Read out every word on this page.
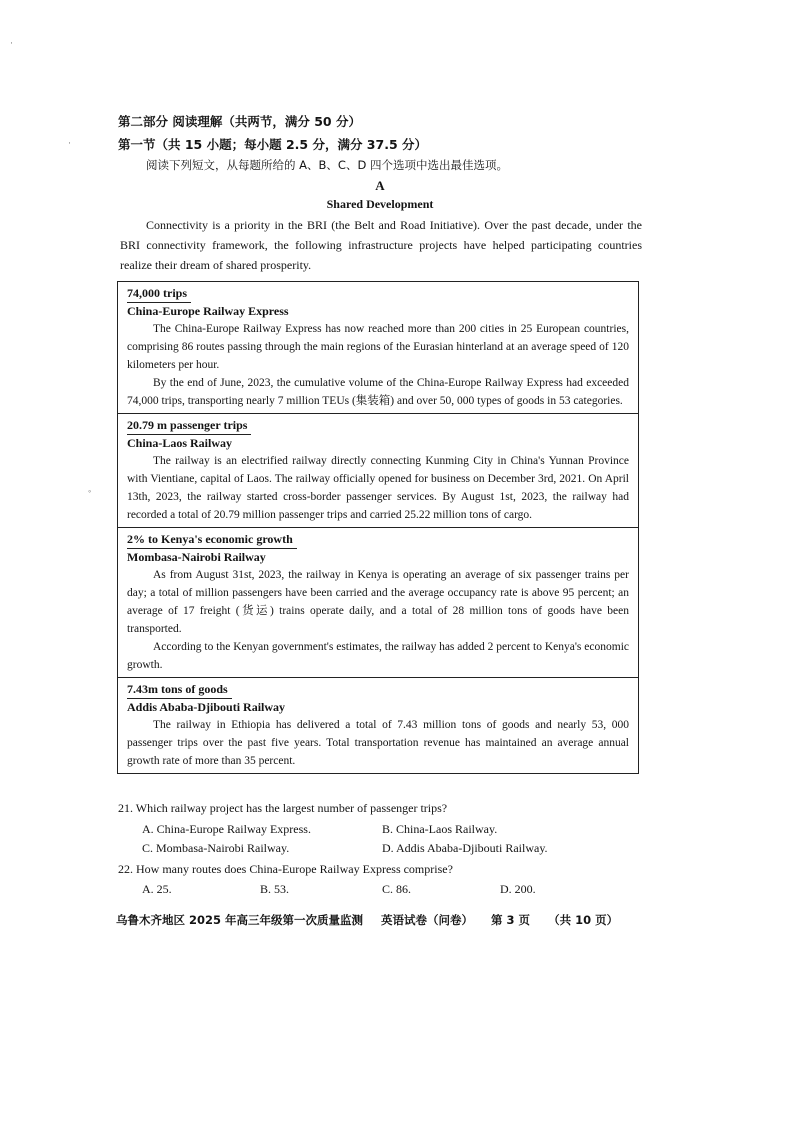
·
·
◦
第二部分 阅读理解（共两节，满分 50 分）
第一节（共 15 小题；每小题 2.5 分，满分 37.5 分）
阅读下列短文，从每题所给的 A、B、C、D 四个选项中选出最佳选项。
A
Shared Development

Connectivity is a priority in the BRI (the Belt and Road Initiative). Over the past decade, under the BRI connectivity framework, the following infrastructure projects have helped participating countries realize their dream of shared prosperity.

74,000 trips
China-Europe Railway Express

The China-Europe Railway Express has now reached more than 200 cities in 25 European countries, comprising 86 routes passing through the main regions of the Eurasian hinterland at an average speed of 120 kilometers per hour.

By the end of June, 2023, the cumulative volume of the China-Europe Railway Express had exceeded 74,000 trips, transporting nearly 7 million TEUs (集装箱) and over 50, 000 types of goods in 53 categories.

20.79 m passenger trips
China-Laos Railway

The railway is an electrified railway directly connecting Kunming City in China's Yunnan Province with Vientiane, capital of Laos. The railway officially opened for business on December 3rd, 2021. On April 13th, 2023, the railway started cross-border passenger services. By August 1st, 2023, the railway had recorded a total of 20.79 million passenger trips and carried 25.22 million tons of cargo.

2% to Kenya's economic growth
Mombasa-Nairobi Railway

As from August 31st, 2023, the railway in Kenya is operating an average of six passenger trains per day; a total of million passengers have been carried and the average occupancy rate is above 95 percent; an average of 17 freight (货运) trains operate daily, and a total of 28 million tons of goods have been transported.

According to the Kenyan government's estimates, the railway has added 2 percent to Kenya's economic growth.

7.43m tons of goods
Addis Ababa-Djibouti Railway

The railway in Ethiopia has delivered a total of 7.43 million tons of goods and nearly 53, 000 passenger trips over the past five years. Total transportation revenue has maintained an average annual growth rate of more than 35 percent.

21. Which railway project has the largest number of passenger trips?
A. China-Europe Railway Express.	B. China-Laos Railway.
C. Mombasa-Nairobi Railway.	D. Addis Ababa-Djibouti Railway.
22. How many routes does China-Europe Railway Express comprise?
A. 25.	B. 53.	C. 86.	D. 200.
乌鲁木齐地区 2025 年高三年级第一次质量监测 英语试卷（问卷） 第 3 页 （共 10 页）
